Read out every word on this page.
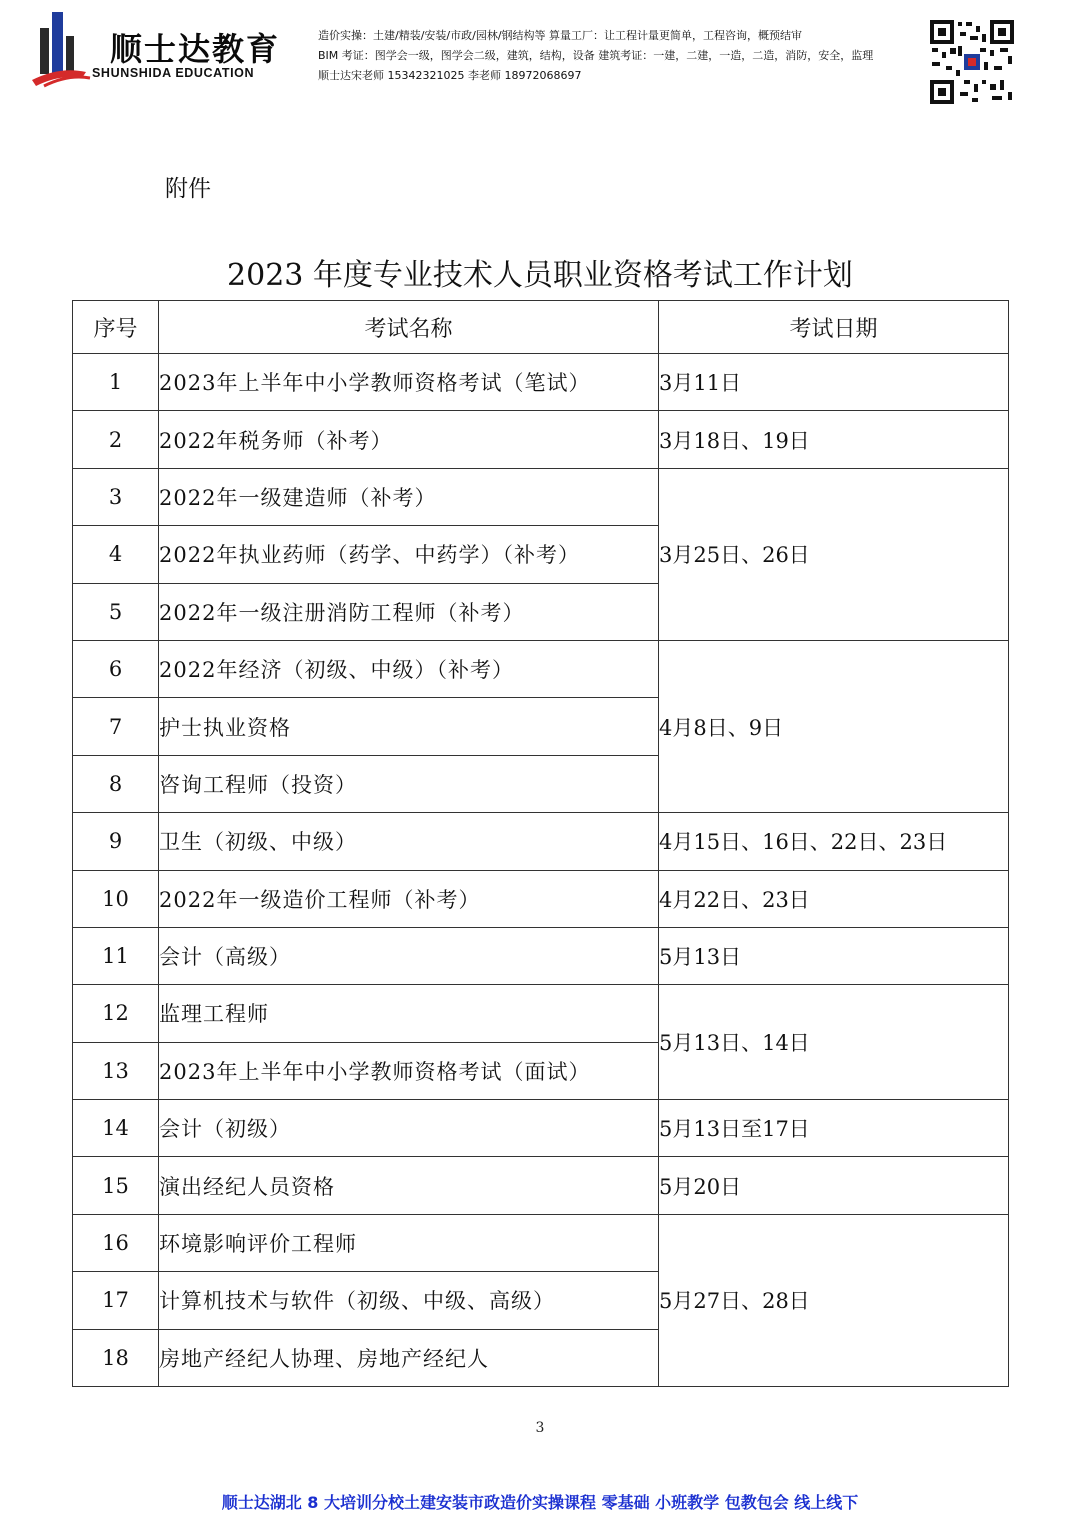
顺士达教育
SHUNSHIDA EDUCATION
造价实操：土建/精装/安装/市政/园林/钢结构等 算量工厂：让工程计量更简单，工程咨询，概预结审
BIM 考证：图学会一级，图学会二级，建筑，结构，设备 建筑考证：一建，二建，一造，二造，消防，安全，监理
顺士达宋老师 15342321025 李老师 18972068697
附件
2023 年度专业技术人员职业资格考试工作计划
序号	考试名称	考试日期
1	2023年上半年中小学教师资格考试（笔试）	3月11日
2	2022年税务师（补考）	3月18日、19日
3	2022年一级建造师（补考）	3月25日、26日
4	2022年执业药师（药学、中药学）（补考）	
5	2022年一级注册消防工程师（补考）	
6	2022年经济（初级、中级）（补考）	4月8日、9日
7	护士执业资格	
8	咨询工程师（投资）	
9	卫生（初级、中级）	4月15日、16日、22日、23日
10	2022年一级造价工程师（补考）	4月22日、23日
11	会计（高级）	5月13日
12	监理工程师	5月13日、14日
13	2023年上半年中小学教师资格考试（面试）	
14	会计（初级）	5月13日至17日
15	演出经纪人员资格	5月20日
16	环境影响评价工程师	5月27日、28日
17	计算机技术与软件（初级、中级、高级）	
18	房地产经纪人协理、房地产经纪人	
3
顺士达湖北 8 大培训分校土建安装市政造价实操课程 零基础 小班教学 包教包会 线上线下
